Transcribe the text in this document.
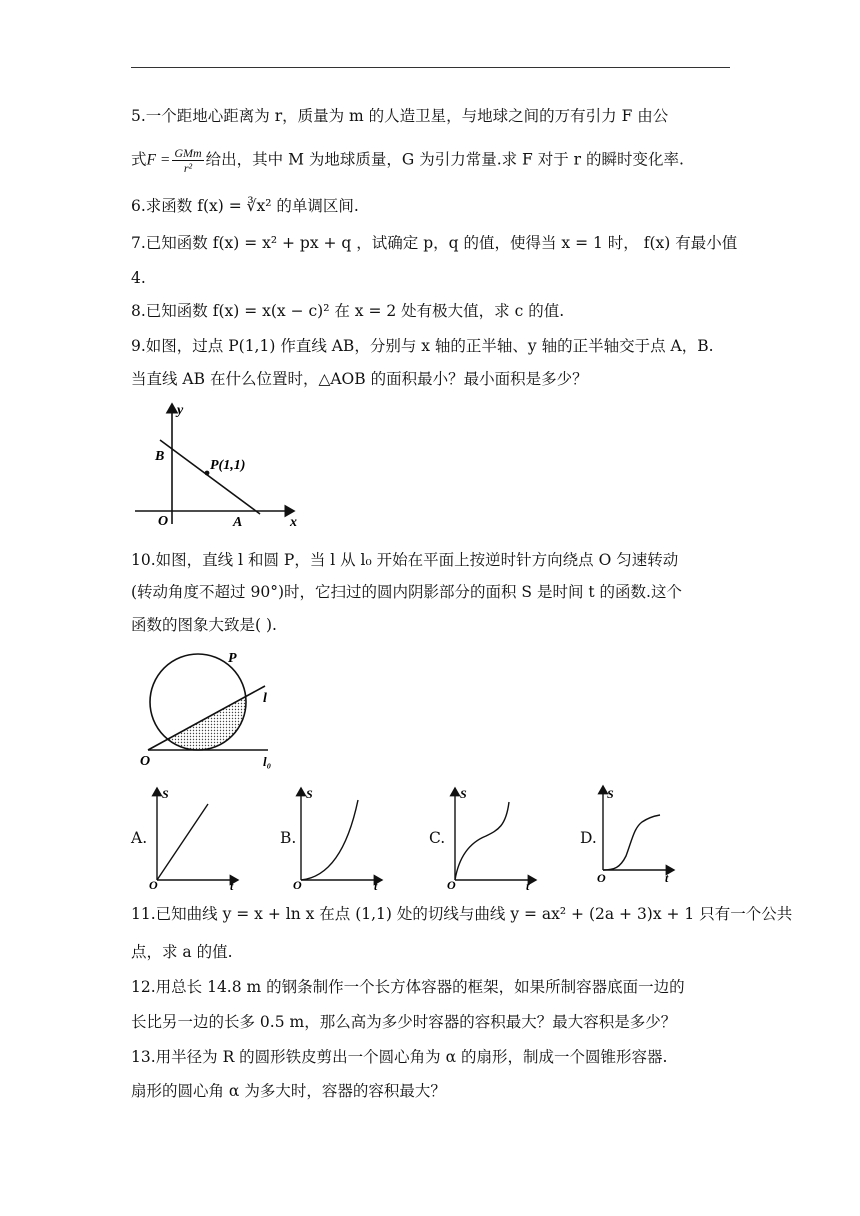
5.一个距地心距离为 r，质量为 m 的人造卫星，与地球之间的万有引力 F 由公
式$F = \frac{\text{GMm}}{\text{r²}}$ 给出，其中 M 为地球质量，G 为引力常量.求 F 对于 r 的瞬时变化率.
6.求函数 f(x) = ∛x² 的单调区间.
7.已知函数 f(x) = x² + px + q ，试确定 p，q 的值，使得当 x = 1 时， f(x) 有最小值
4.
8.已知函数 f(x) = x(x − c)² 在 x = 2 处有极大值，求 c 的值.
9.如图，过点 P(1,1) 作直线 AB，分别与 x 轴的正半轴、y 轴的正半轴交于点 A，B.
当直线 AB 在什么位置时，△AOB 的面积最小？最小面积是多少？
y
B
P(1,1)
O	A	x
10.如图，直线 l 和圆 P，当 l 从 l₀ 开始在平面上按逆时针方向绕点 O 匀速转动
(转动角度不超过 90°)时，它扫过的圆内阴影部分的面积 S 是时间 t 的函数.这个
函数的图象大致是( ).
P
l
O	l₀
A.	B.	C.	D.
S
O	t
S
O	t
S
O	t
S
O	t
11.已知曲线 y = x + ln x 在点 (1,1) 处的切线与曲线 y = ax² + (2a + 3)x + 1 只有一个公共
点，求 a 的值.
12.用总长 14.8 m 的钢条制作一个长方体容器的框架，如果所制容器底面一边的
长比另一边的长多 0.5 m，那么高为多少时容器的容积最大？最大容积是多少？
13.用半径为 R 的圆形铁皮剪出一个圆心角为 α 的扇形，制成一个圆锥形容器.
扇形的圆心角 α 为多大时，容器的容积最大？
